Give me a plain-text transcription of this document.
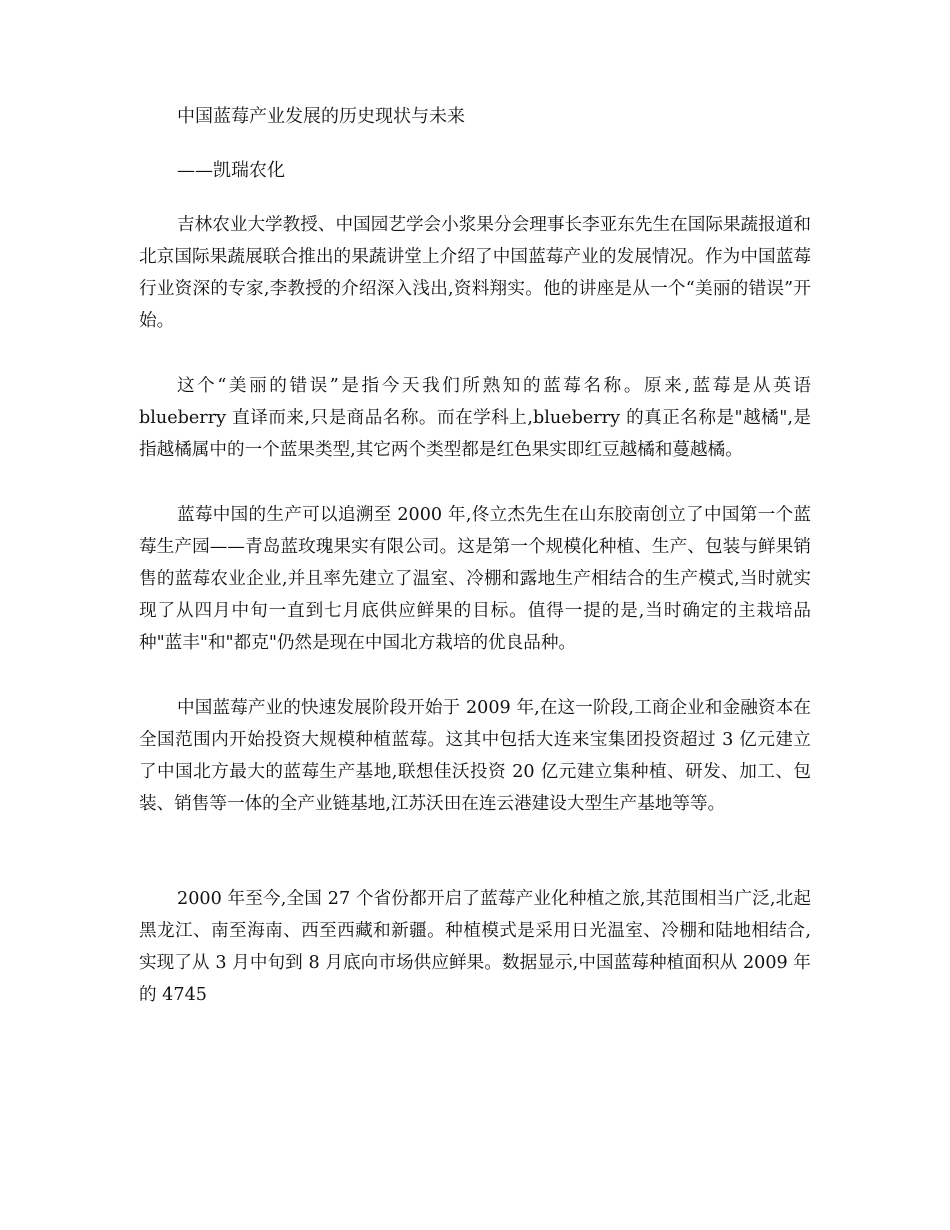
中国蓝莓产业发展的历史现状与未来

——凯瑞农化

吉林农业大学教授、中国园艺学会小浆果分会理事长李亚东先生在国际果蔬报道和北京国际果蔬展联合推出的果蔬讲堂上介绍了中国蓝莓产业的发展情况。作为中国蓝莓行业资深的专家,李教授的介绍深入浅出,资料翔实。他的讲座是从一个“美丽的错误”开始。

这个“美丽的错误”是指今天我们所熟知的蓝莓名称。原来,蓝莓是从英语blueberry 直译而来,只是商品名称。而在学科上,blueberry 的真正名称是"越橘",是指越橘属中的一个蓝果类型,其它两个类型都是红色果实即红豆越橘和蔓越橘。

蓝莓中国的生产可以追溯至 2000 年,佟立杰先生在山东胶南创立了中国第一个蓝莓生产园——青岛蓝玫瑰果实有限公司。这是第一个规模化种植、生产、包装与鲜果销售的蓝莓农业企业,并且率先建立了温室、冷棚和露地生产相结合的生产模式,当时就实现了从四月中旬一直到七月底供应鲜果的目标。值得一提的是,当时确定的主栽培品种"蓝丰"和"都克"仍然是现在中国北方栽培的优良品种。

中国蓝莓产业的快速发展阶段开始于 2009 年,在这一阶段,工商企业和金融资本在全国范围内开始投资大规模种植蓝莓。这其中包括大连来宝集团投资超过 3 亿元建立了中国北方最大的蓝莓生产基地,联想佳沃投资 20 亿元建立集种植、研发、加工、包装、销售等一体的全产业链基地,江苏沃田在连云港建设大型生产基地等等。

2000 年至今,全国 27 个省份都开启了蓝莓产业化种植之旅,其范围相当广泛,北起黑龙江、南至海南、西至西藏和新疆。种植模式是采用日光温室、冷棚和陆地相结合,实现了从 3 月中旬到 8 月底向市场供应鲜果。数据显示,中国蓝莓种植面积从 2009 年的 4745
